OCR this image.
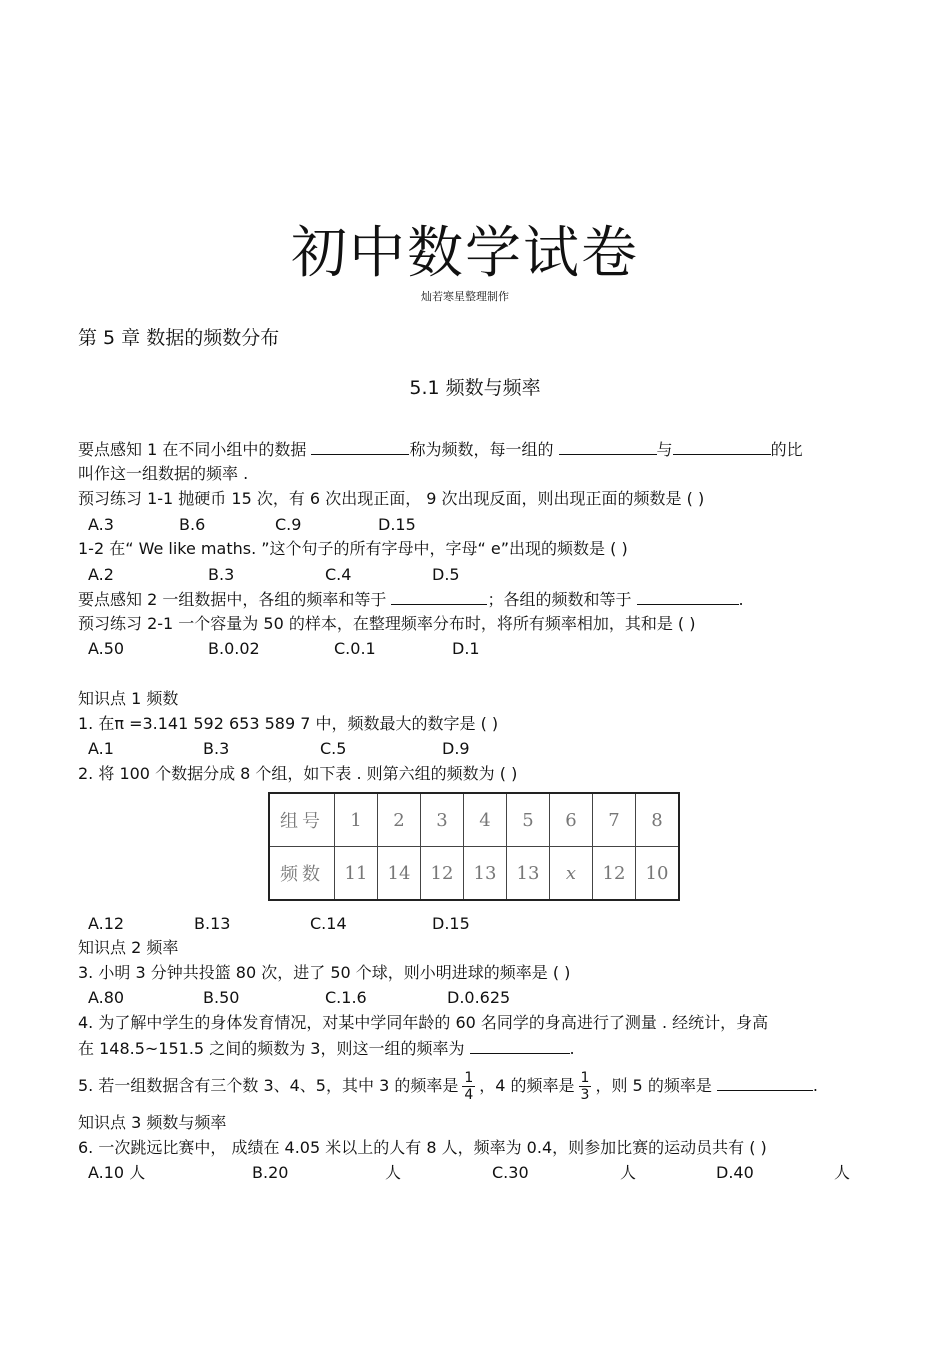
初中数学试卷
灿若寒星整理制作
第 5 章 数据的频数分布
5.1 频数与频率
要点感知 1 在不同小组中的数据	称为频数，每一组的	与	的比
叫作这一组数据的频率 .
预习练习 1-1 抛硬币 15 次，有 6 次出现正面， 9 次出现反面，则出现正面的频数是 ( )
A.3	B.6	C.9	D.15
1-2 在“ We like maths. ”这个句子的所有字母中，字母“ e”出现的频数是 ( )
A.2	B.3	C.4	D.5
要点感知 2 一组数据中，各组的频率和等于	；各组的频数和等于	.
预习练习 2-1 一个容量为 50 的样本，在整理频率分布时，将所有频率相加，其和是 ( )
A.50	B.0.02	C.0.1	D.1
知识点 1 频数
1. 在π =3.141 592 653 589 7 中，频数最大的数字是 ( )
A.1	B.3	C.5	D.9
2. 将 100 个数据分成 8 个组，如下表 . 则第六组的频数为 ( )
组号	1	2	3	4	5	6	7	8
频数	11	14	12	13	13	x	12	10
A.12	B.13	C.14	D.15
知识点 2 频率
3. 小明 3 分钟共投篮 80 次，进了 50 个球，则小明进球的频率是 ( )
A.80	B.50	C.1.6	D.0.625
4. 为了解中学生的身体发育情况，对某中学同年龄的 60 名同学的身高进行了测量 . 经统计，身高
在 148.5~151.5 之间的频数为 3，则这一组的频率为	.
5. 若一组数据含有三个数 3、4、5，其中 3 的频率是 $\frac{1}{4}$ ，4 的频率是 $\frac{1}{3}$ ，则 5 的频率是	.
知识点 3 频数与频率
6. 一次跳远比赛中， 成绩在 4.05 米以上的人有 8 人，频率为 0.4，则参加比赛的运动员共有 ( )
A.10 人	B.20	人	C.30	人	D.40	人
